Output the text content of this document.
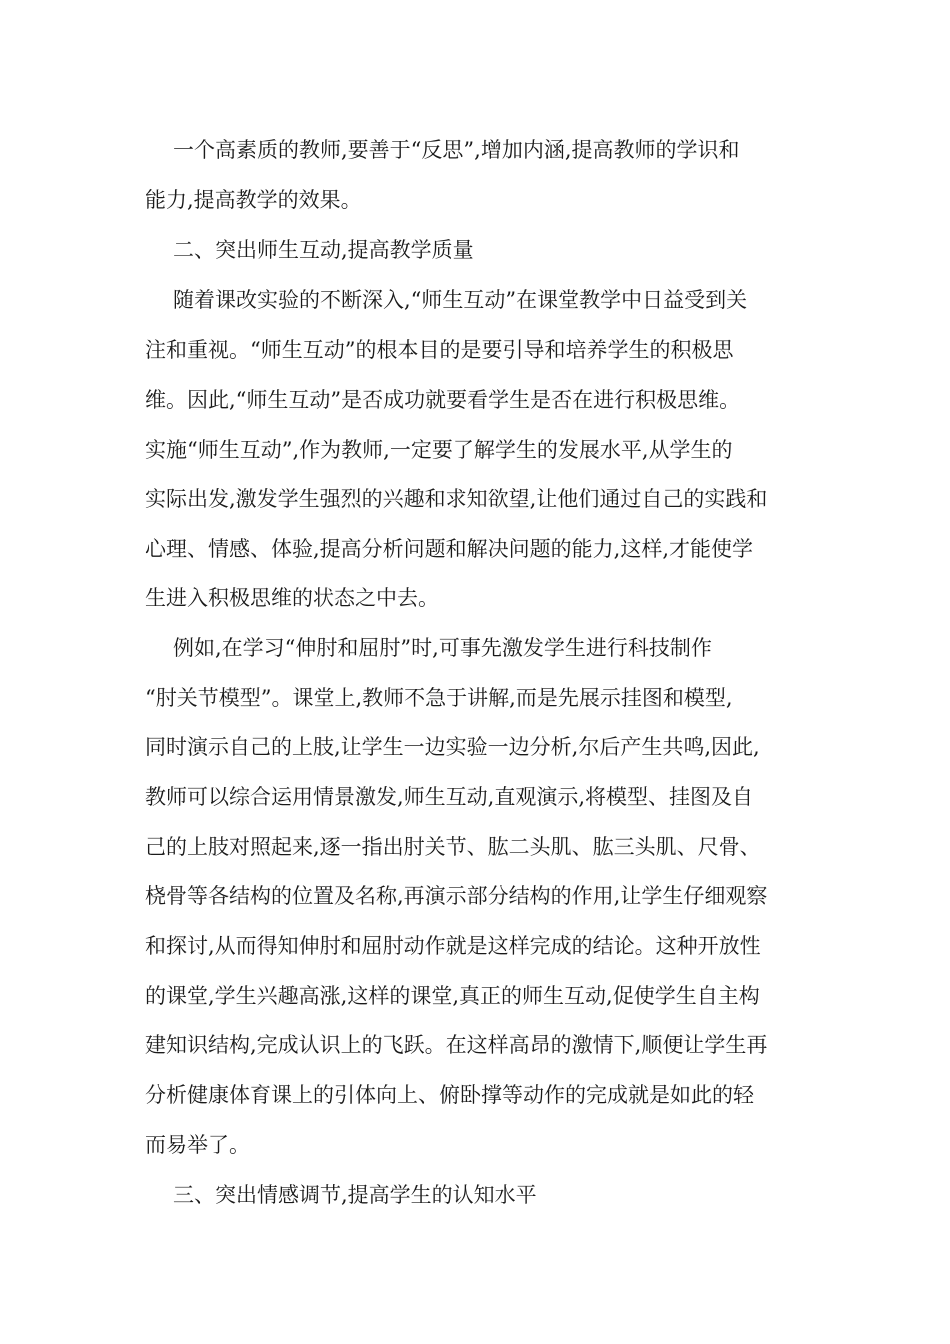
一个高素质的教师,要善于“反思”,增加内涵,提高教师的学识和
能力,提高教学的效果。
二、突出师生互动,提高教学质量
随着课改实验的不断深入,“师生互动”在课堂教学中日益受到关
注和重视。“师生互动”的根本目的是要引导和培养学生的积极思
维。因此,“师生互动”是否成功就要看学生是否在进行积极思维。
实施“师生互动”,作为教师,一定要了解学生的发展水平,从学生的
实际出发,激发学生强烈的兴趣和求知欲望,让他们通过自己的实践和
心理、情感、体验,提高分析问题和解决问题的能力,这样,才能使学
生进入积极思维的状态之中去。
例如,在学习“伸肘和屈肘”时,可事先激发学生进行科技制作
“肘关节模型”。课堂上,教师不急于讲解,而是先展示挂图和模型,
同时演示自己的上肢,让学生一边实验一边分析,尔后产生共鸣,因此,
教师可以综合运用情景激发,师生互动,直观演示,将模型、挂图及自
己的上肢对照起来,逐一指出肘关节、肱二头肌、肱三头肌、尺骨、
桡骨等各结构的位置及名称,再演示部分结构的作用,让学生仔细观察
和探讨,从而得知伸肘和屈肘动作就是这样完成的结论。这种开放性
的课堂,学生兴趣高涨,这样的课堂,真正的师生互动,促使学生自主构
建知识结构,完成认识上的飞跃。在这样高昂的激情下,顺便让学生再
分析健康体育课上的引体向上、俯卧撑等动作的完成就是如此的轻
而易举了。
三、突出情感调节,提高学生的认知水平
